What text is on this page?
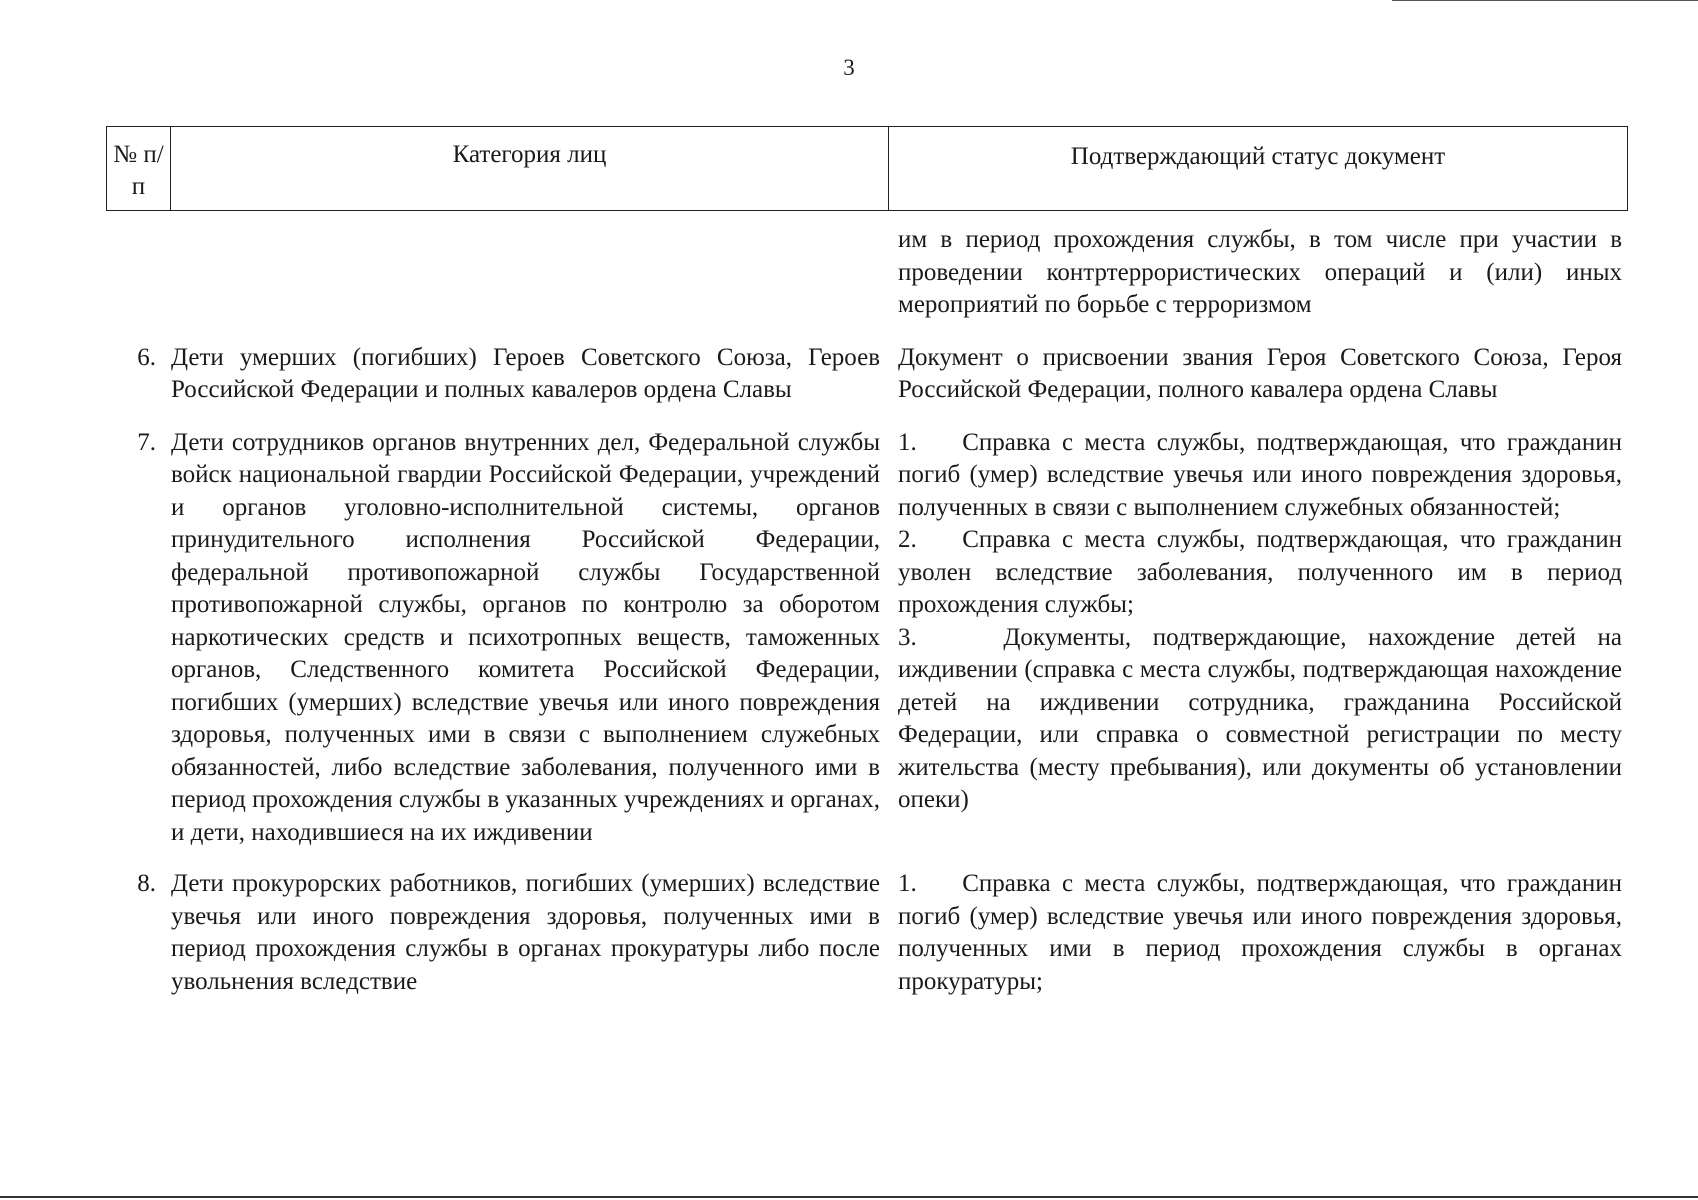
3
№ п/п
Категория лиц	Подтверждающий статус документ

им в период прохождения службы, в том числе при участии в проведении контртеррористических операций и (или) иных мероприятий по борьбе с терроризмом

6. Дети умерших (погибших) Героев Советского Союза, Героев Российской Федерации и полных кавалеров ордена Славы

Документ о присвоении звания Героя Советского Союза, Героя Российской Федерации, полного кавалера ордена Славы

7. Дети сотрудников органов внутренних дел, Федеральной службы войск национальной гвардии Российской Федерации, учреждений и органов уголовно-исполнительной системы, органов принудительного исполнения Российской Федерации, федеральной противопожарной службы Государственной противопожарной службы, органов по контролю за оборотом наркотических средств и психотропных веществ, таможенных органов, Следственного комитета Российской Федерации, погибших (умерших) вследствие увечья или иного повреждения здоровья, полученных ими в связи с выполнением служебных обязанностей, либо вследствие заболевания, полученного ими в период прохождения службы в указанных учреждениях и органах, и дети, находившиеся на их иждивении

1.    Справка с места службы, подтверждающая, что гражданин погиб (умер) вследствие увечья или иного повреждения здоровья, полученных в связи с выполнением служебных обязанностей;

2.    Справка с места службы, подтверждающая, что гражданин уволен вследствие заболевания, полученного им в период прохождения службы;

3.    Документы, подтверждающие, нахождение детей на иждивении (справка с места службы, подтверждающая нахождение детей на иждивении сотрудника, гражданина Российской Федерации, или справка о совместной регистрации по месту жительства (месту пребывания), или документы об установлении опеки)

8. Дети прокурорских работников, погибших (умерших) вследствие увечья или иного повреждения здоровья, полученных ими в период прохождения службы в органах прокуратуры либо после увольнения вследствие

1.    Справка с места службы, подтверждающая, что гражданин погиб (умер) вследствие увечья или иного повреждения здоровья, полученных ими в период прохождения службы в органах прокуратуры;
